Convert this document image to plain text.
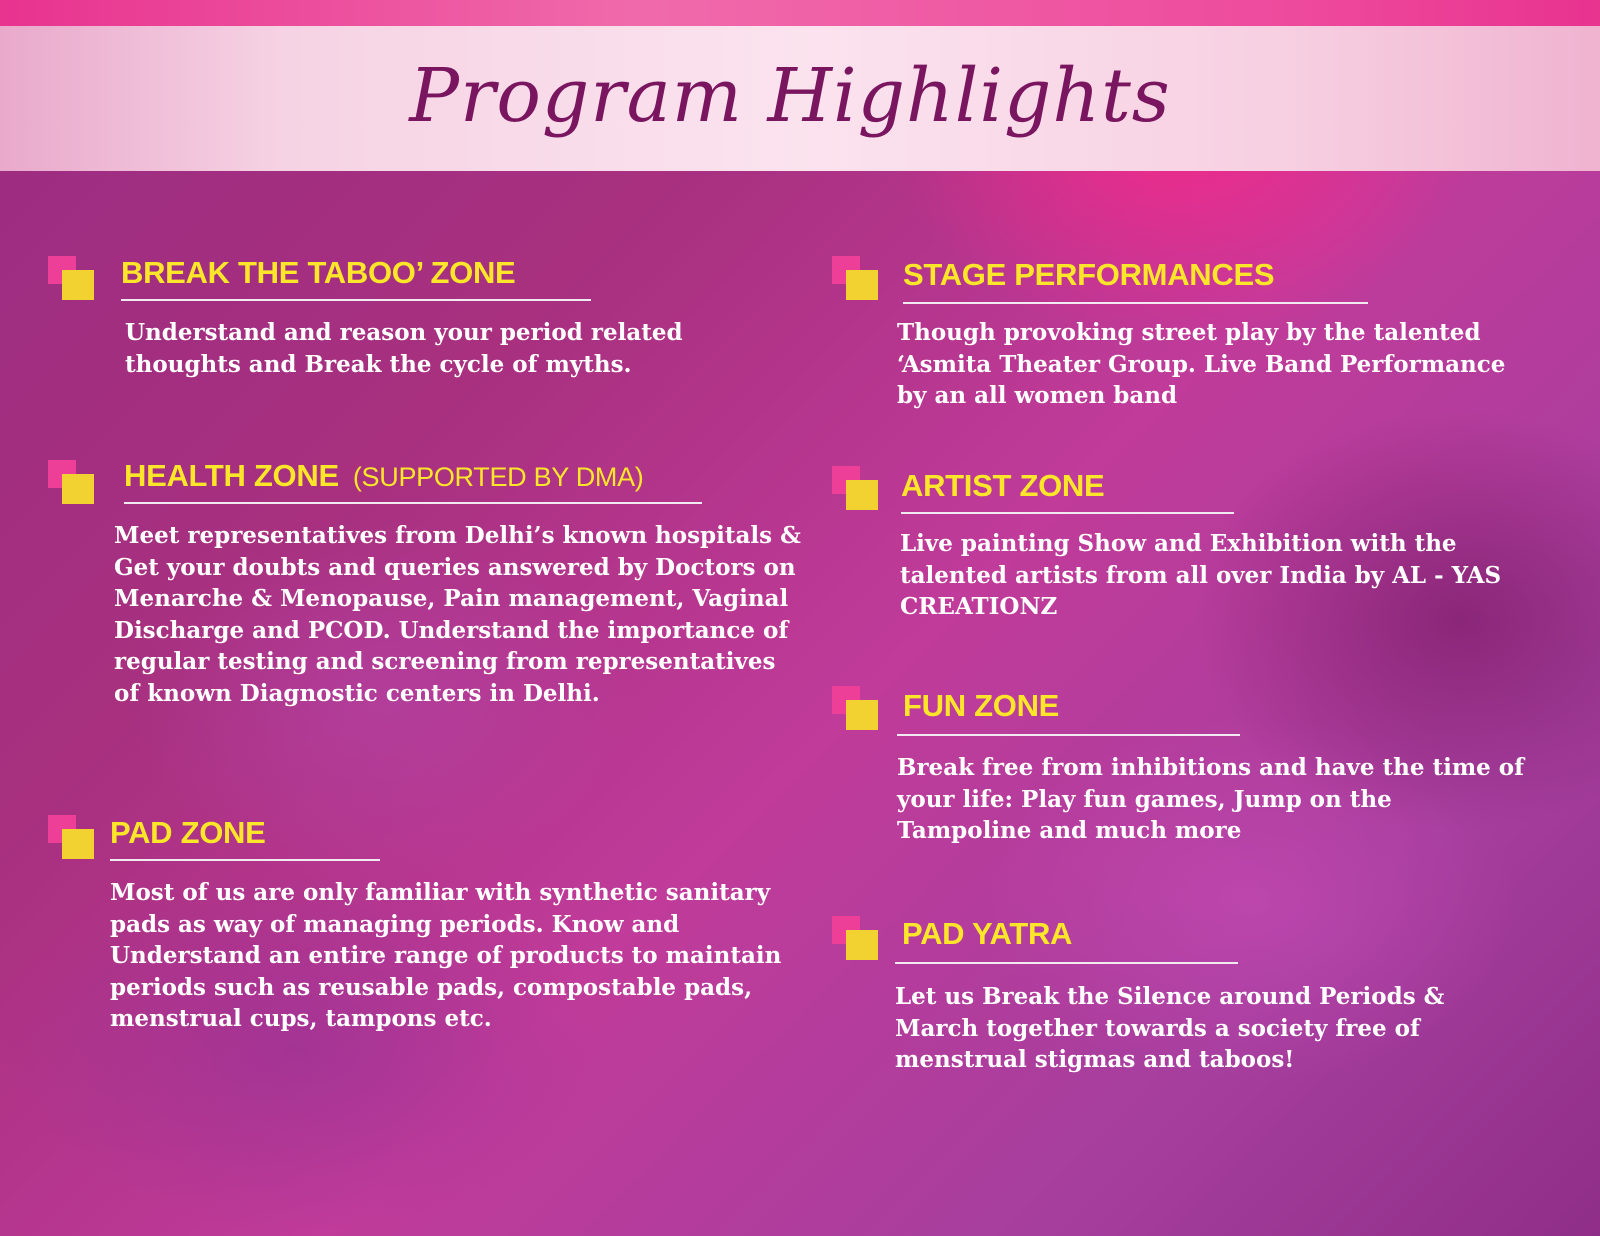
Program Highlights
BREAK THE TABOO’ ZONE
Understand and reason your period related thoughts and Break the cycle of myths.
HEALTH ZONE (SUPPORTED BY DMA)
Meet representatives from Delhi’s known hospitals & Get your doubts and queries answered by Doctors on Menarche & Menopause, Pain management, Vaginal Discharge and PCOD. Understand the importance of regular testing and screening from representatives of known Diagnostic centers in Delhi.
PAD ZONE
Most of us are only familiar with synthetic sanitary pads as way of managing periods. Know and Understand an entire range of products to maintain periods such as reusable pads, compostable pads, menstrual cups, tampons etc.
STAGE PERFORMANCES
Though provoking street play by the talented ‘Asmita Theater Group. Live Band Performance by an all women band
ARTIST ZONE
Live painting Show and Exhibition with the talented artists from all over India by AL - YAS CREATIONZ
FUN ZONE
Break free from inhibitions and have the time of your life: Play fun games, Jump on the Tampoline and much more
PAD YATRA
Let us Break the Silence around Periods & March together towards a society free of menstrual stigmas and taboos!
